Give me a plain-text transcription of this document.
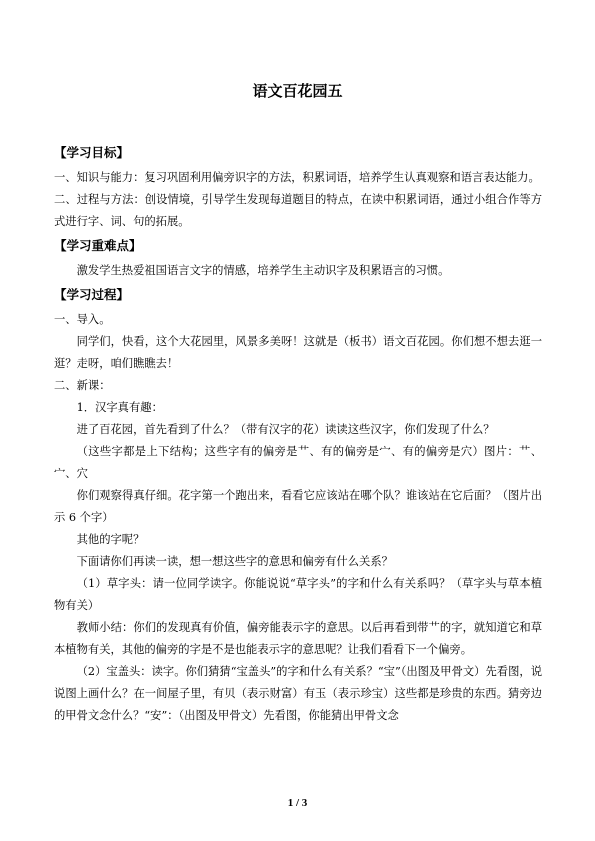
语文百花园五

【学习目标】

一、知识与能力：复习巩固利用偏旁识字的方法，积累词语，培养学生认真观察和语言表达能力。

二、过程与方法：创设情境，引导学生发现每道题目的特点，在读中积累词语，通过小组合作等方式进行字、词、句的拓展。

【学习重难点】

激发学生热爱祖国语言文字的情感，培养学生主动识字及积累语言的习惯。

【学习过程】

一、导入。

同学们，快看，这个大花园里，风景多美呀！这就是（板书）语文百花园。你们想不想去逛一逛？走呀，咱们瞧瞧去！

二、新课：

1．汉字真有趣：

进了百花园，首先看到了什么？（带有汉字的花）读读这些汉字，你们发现了什么？

（这些字都是上下结构；这些字有的偏旁是艹、有的偏旁是宀、有的偏旁是穴）图片：艹、宀、穴

你们观察得真仔细。花字第一个跑出来，看看它应该站在哪个队？谁该站在它后面？（图片出示 6 个字）

其他的字呢？

下面请你们再读一读，想一想这些字的意思和偏旁有什么关系？

（1）草字头：请一位同学读字。你能说说“草字头”的字和什么有关系吗？（草字头与草本植物有关）

教师小结：你们的发现真有价值，偏旁能表示字的意思。以后再看到带艹的字，就知道它和草本植物有关，其他的偏旁的字是不是也能表示字的意思呢？让我们看看下一个偏旁。

（2）宝盖头：读字。你们猜猜“宝盖头”的字和什么有关系？“宝”（出图及甲骨文）先看图，说说图上画什么？在一间屋子里，有贝（表示财富）有玉（表示珍宝）这些都是珍贵的东西。猜旁边的甲骨文念什么？“安”：（出图及甲骨文）先看图，你能猜出甲骨文念

1 / 3
